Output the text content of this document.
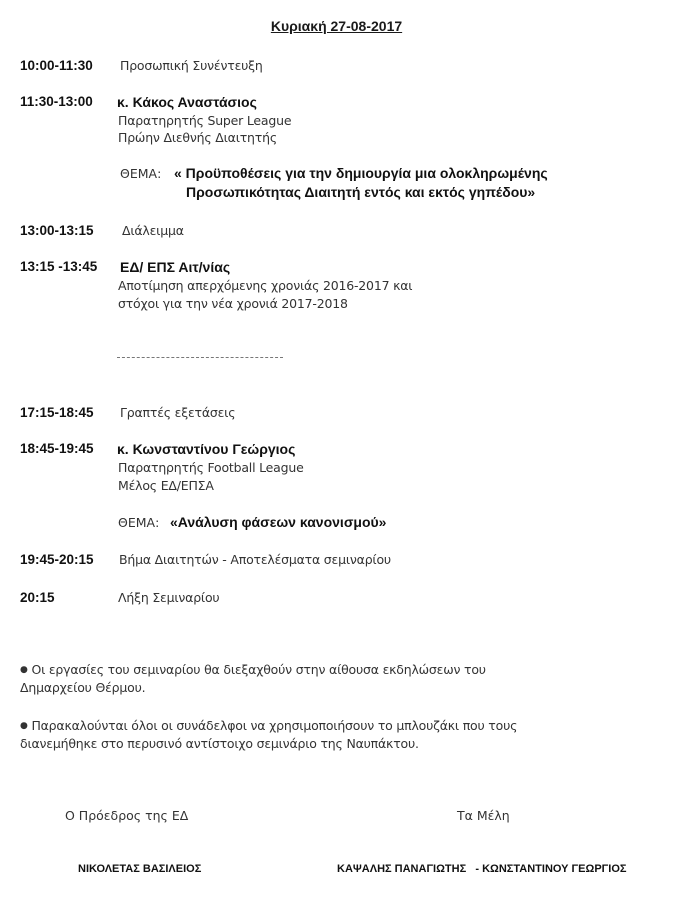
Κυριακή 27-08-2017
10:00-11:30 Προσωπική Συνέντευξη
11:30-13:00 κ. Κάκος Αναστάσιος
Παρατηρητής Super League
Πρώην Διεθνής Διαιτητής
ΘΕΜΑ: « Προϋποθέσεις για την δημιουργία μια ολοκληρωμένης
Προσωπικότητας Διαιτητή εντός και εκτός γηπέδου»
13:00-13:15 Διάλειμμα
13:15 -13:45 ΕΔ/ ΕΠΣ Αιτ/νίας
Αποτίμηση απερχόμενης χρονιάς 2016-2017 και
στόχοι για την νέα χρονιά 2017-2018
17:15-18:45 Γραπτές εξετάσεις
18:45-19:45 κ. Κωνσταντίνου Γεώργιος
Παρατηρητής Football League
Μέλος ΕΔ/ΕΠΣΑ
ΘΕΜΑ: «Ανάλυση φάσεων κανονισμού»
19:45-20:15 Βήμα Διαιτητών - Αποτελέσματα σεμιναρίου
20:15	Λήξη Σεμιναρίου
● Οι εργασίες του σεμιναρίου θα διεξαχθούν στην αίθουσα εκδηλώσεων του
Δημαρχείου Θέρμου.
● Παρακαλούνται όλοι οι συνάδελφοι να χρησιμοποιήσουν το μπλουζάκι που τους
διανεμήθηκε στο περυσινό αντίστοιχο σεμινάριο της Ναυπάκτου.
Ο Πρόεδρος της ΕΔ	Τα Μέλη
ΝΙΚΟΛΕΤΑΣ ΒΑΣΙΛΕΙΟΣ	ΚΑΨΑΛΗΣ ΠΑΝΑΓΙΩΤΗΣ   - ΚΩΝΣΤΑΝΤΙΝΟΥ ΓΕΩΡΓΙΟΣ
